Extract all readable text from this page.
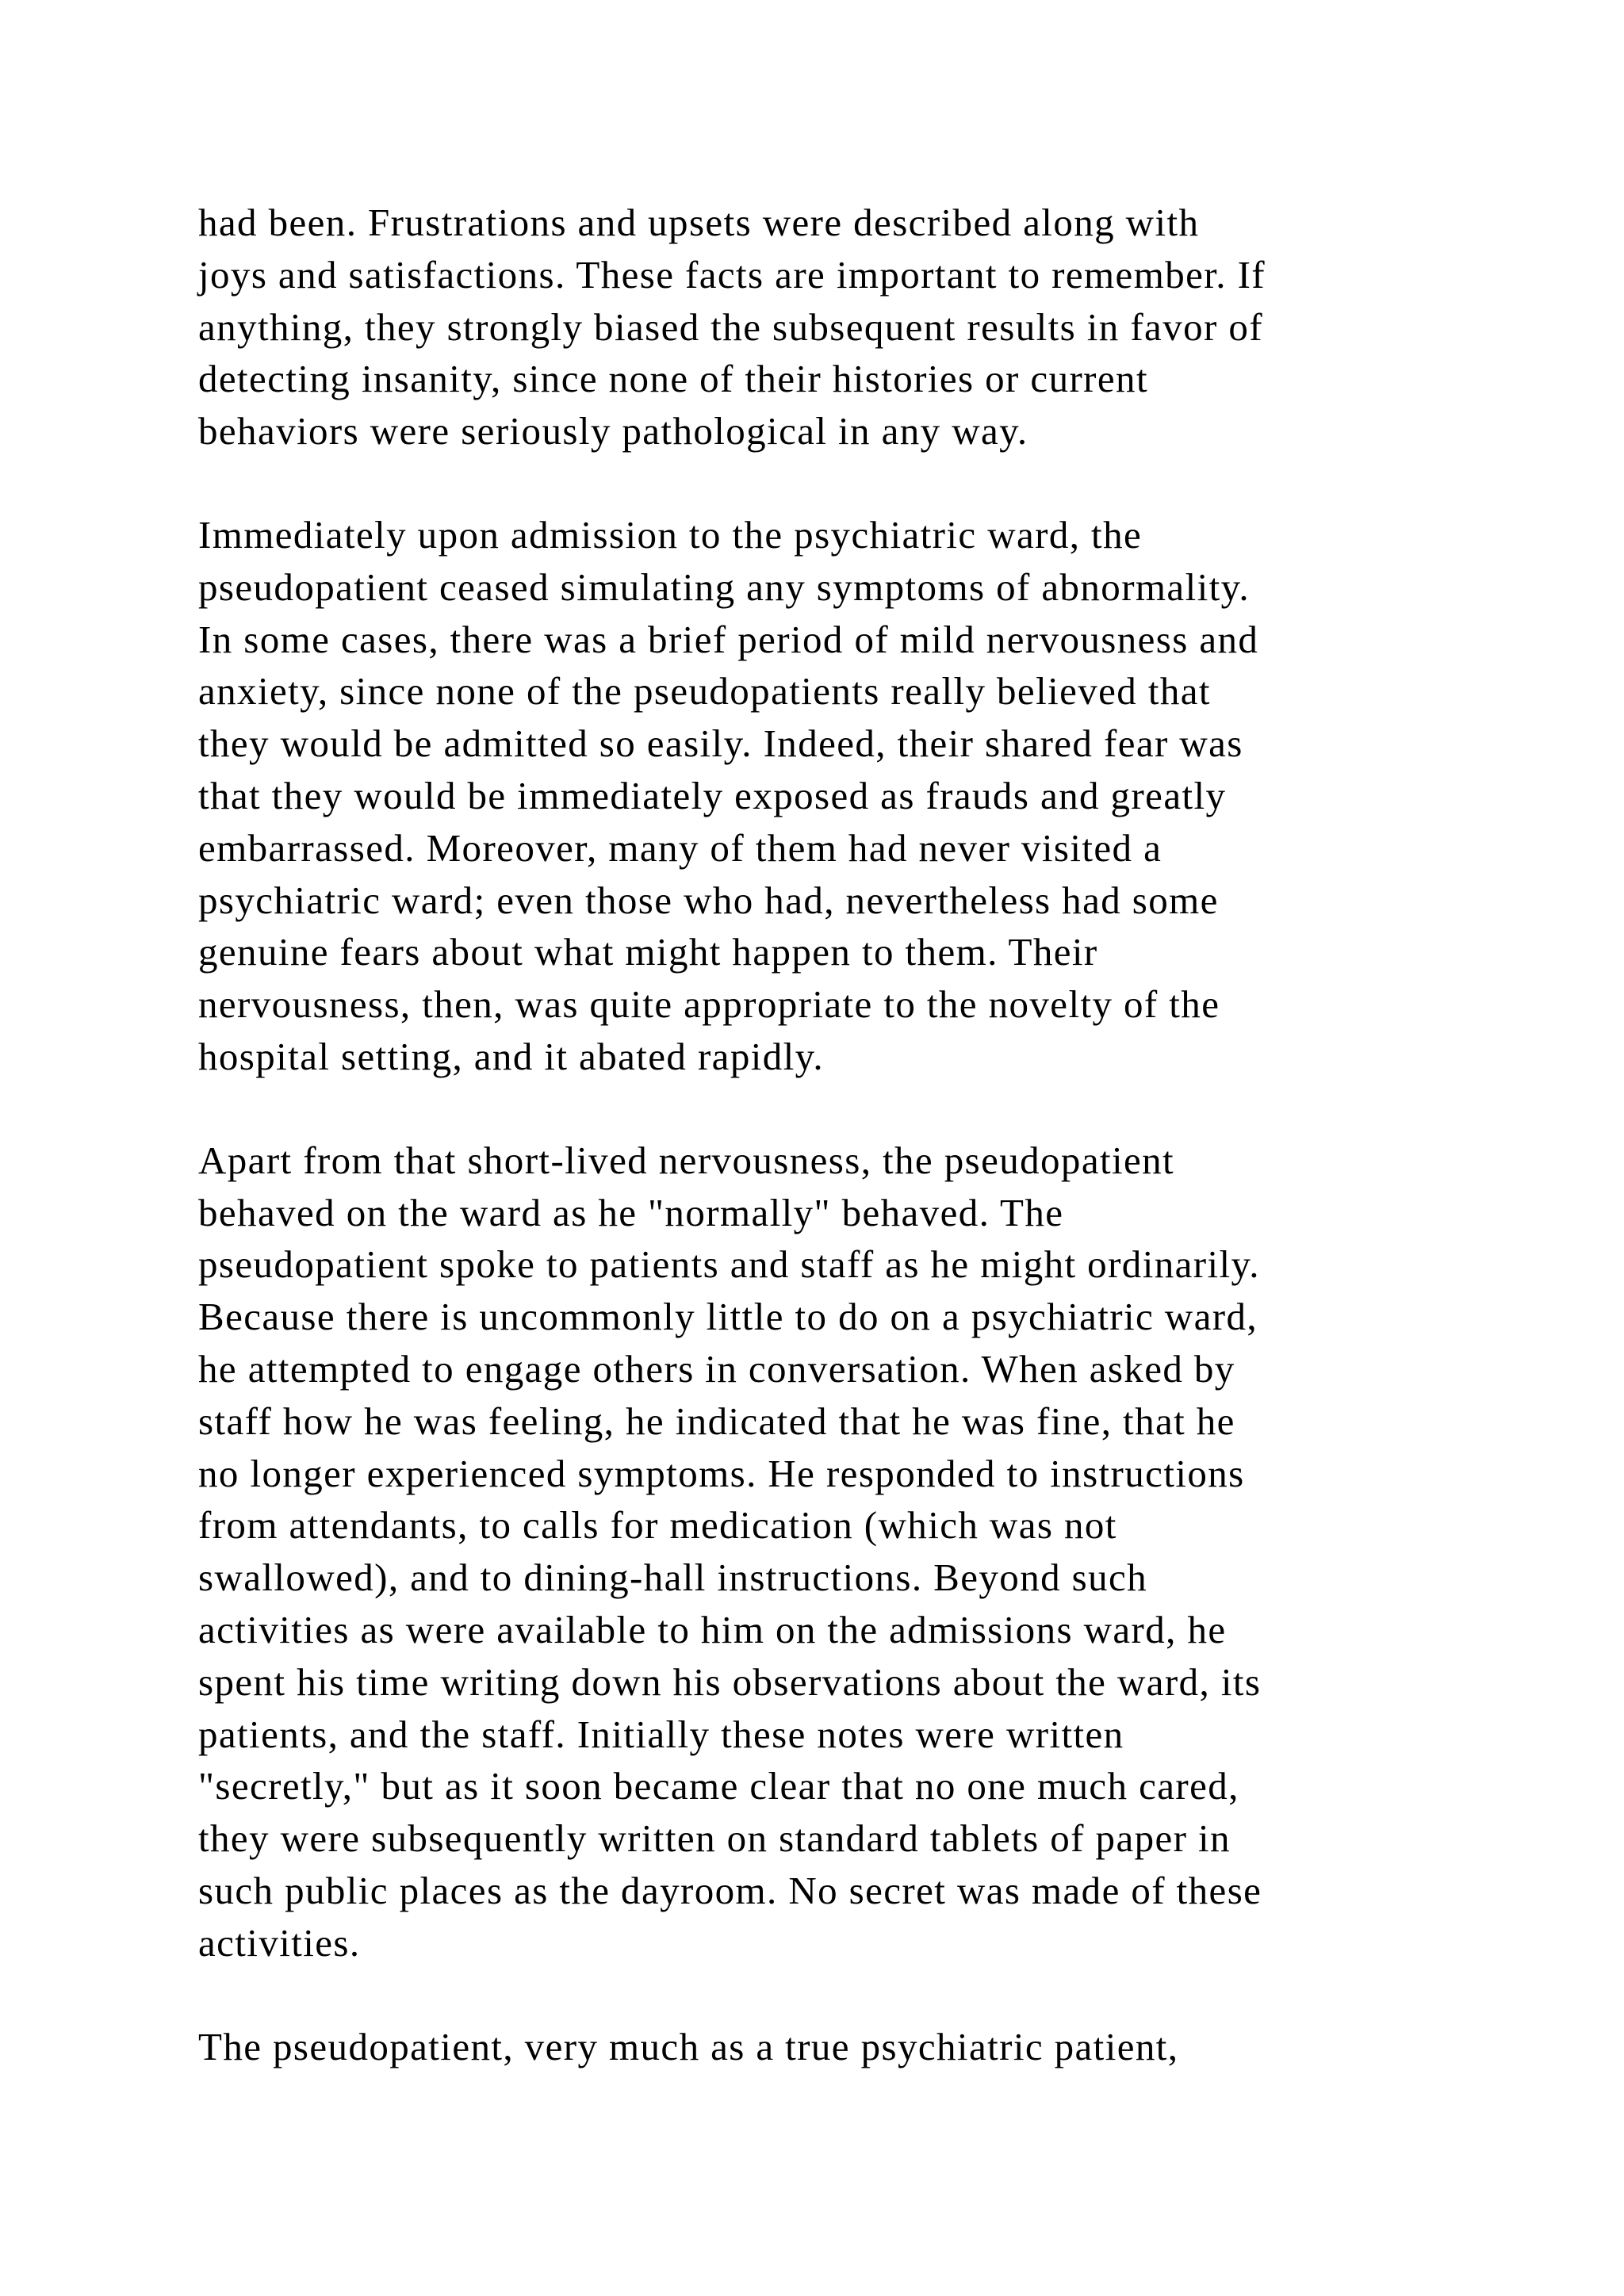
had been. Frustrations and upsets were described along with
joys and satisfactions. These facts are important to remember. If
anything, they strongly biased the subsequent results in favor of
detecting insanity, since none of their histories or current
behaviors were seriously pathological in any way.
Immediately upon admission to the psychiatric ward, the
pseudopatient ceased simulating any symptoms of abnormality.
In some cases, there was a brief period of mild nervousness and
anxiety, since none of the pseudopatients really believed that
they would be admitted so easily. Indeed, their shared fear was
that they would be immediately exposed as frauds and greatly
embarrassed. Moreover, many of them had never visited a
psychiatric ward; even those who had, nevertheless had some
genuine fears about what might happen to them. Their
nervousness, then, was quite appropriate to the novelty of the
hospital setting, and it abated rapidly.
Apart from that short-lived nervousness, the pseudopatient
behaved on the ward as he "normally" behaved. The
pseudopatient spoke to patients and staff as he might ordinarily.
Because there is uncommonly little to do on a psychiatric ward,
he attempted to engage others in conversation. When asked by
staff how he was feeling, he indicated that he was fine, that he
no longer experienced symptoms. He responded to instructions
from attendants, to calls for medication (which was not
swallowed), and to dining-hall instructions. Beyond such
activities as were available to him on the admissions ward, he
spent his time writing down his observations about the ward, its
patients, and the staff. Initially these notes were written
"secretly," but as it soon became clear that no one much cared,
they were subsequently written on standard tablets of paper in
such public places as the dayroom. No secret was made of these
activities.
The pseudopatient, very much as a true psychiatric patient,
